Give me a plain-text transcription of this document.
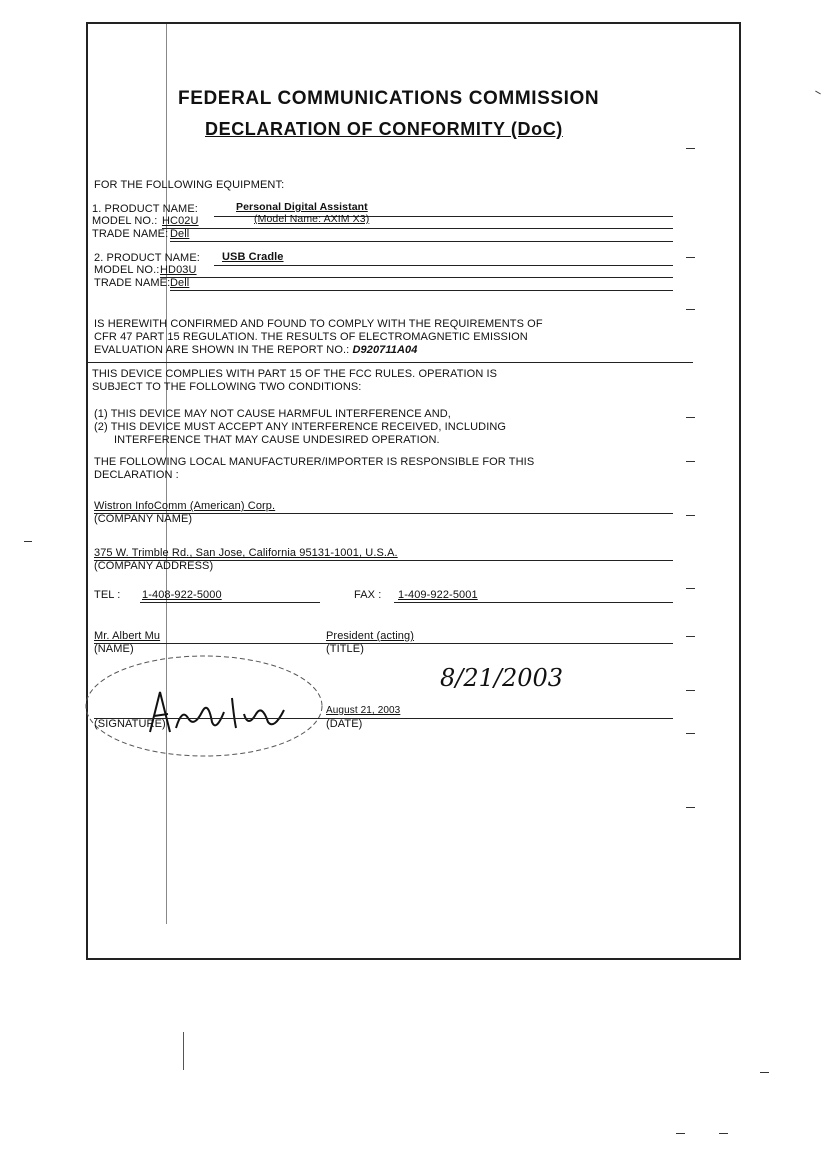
FEDERAL COMMUNICATIONS COMMISSION
DECLARATION OF CONFORMITY (DoC)
FOR THE FOLLOWING EQUIPMENT:
1. PRODUCT NAME:	Personal Digital Assistant
MODEL NO.: HC02U	(Model Name: AXIM X3)
TRADE NAME: Dell
2. PRODUCT NAME: USB Cradle
MODEL NO.: HD03U
TRADE NAME: Dell
IS HEREWITH CONFIRMED AND FOUND TO COMPLY WITH THE REQUIREMENTS OF
CFR 47 PART 15 REGULATION. THE RESULTS OF ELECTROMAGNETIC EMISSION
EVALUATION ARE SHOWN IN THE REPORT NO.: D920711A04
THIS DEVICE COMPLIES WITH PART 15 OF THE FCC RULES. OPERATION IS
SUBJECT TO THE FOLLOWING TWO CONDITIONS:
(1) THIS DEVICE MAY NOT CAUSE HARMFUL INTERFERENCE AND,
(2) THIS DEVICE MUST ACCEPT ANY INTERFERENCE RECEIVED, INCLUDING
INTERFERENCE THAT MAY CAUSE UNDESIRED OPERATION.
THE FOLLOWING LOCAL MANUFACTURER/IMPORTER IS RESPONSIBLE FOR THIS
DECLARATION :
Wistron InfoComm (American) Corp.
(COMPANY NAME)
375 W. Trimble Rd., San Jose, California 95131-1001, U.S.A.
(COMPANY ADDRESS)
TEL : 1-408-922-5000	FAX : 1-409-922-5001
Mr. Albert Mu	President (acting)
(NAME)	(TITLE)
8/21/2003
August 21, 2003
(SIGNATURE)	(DATE)
